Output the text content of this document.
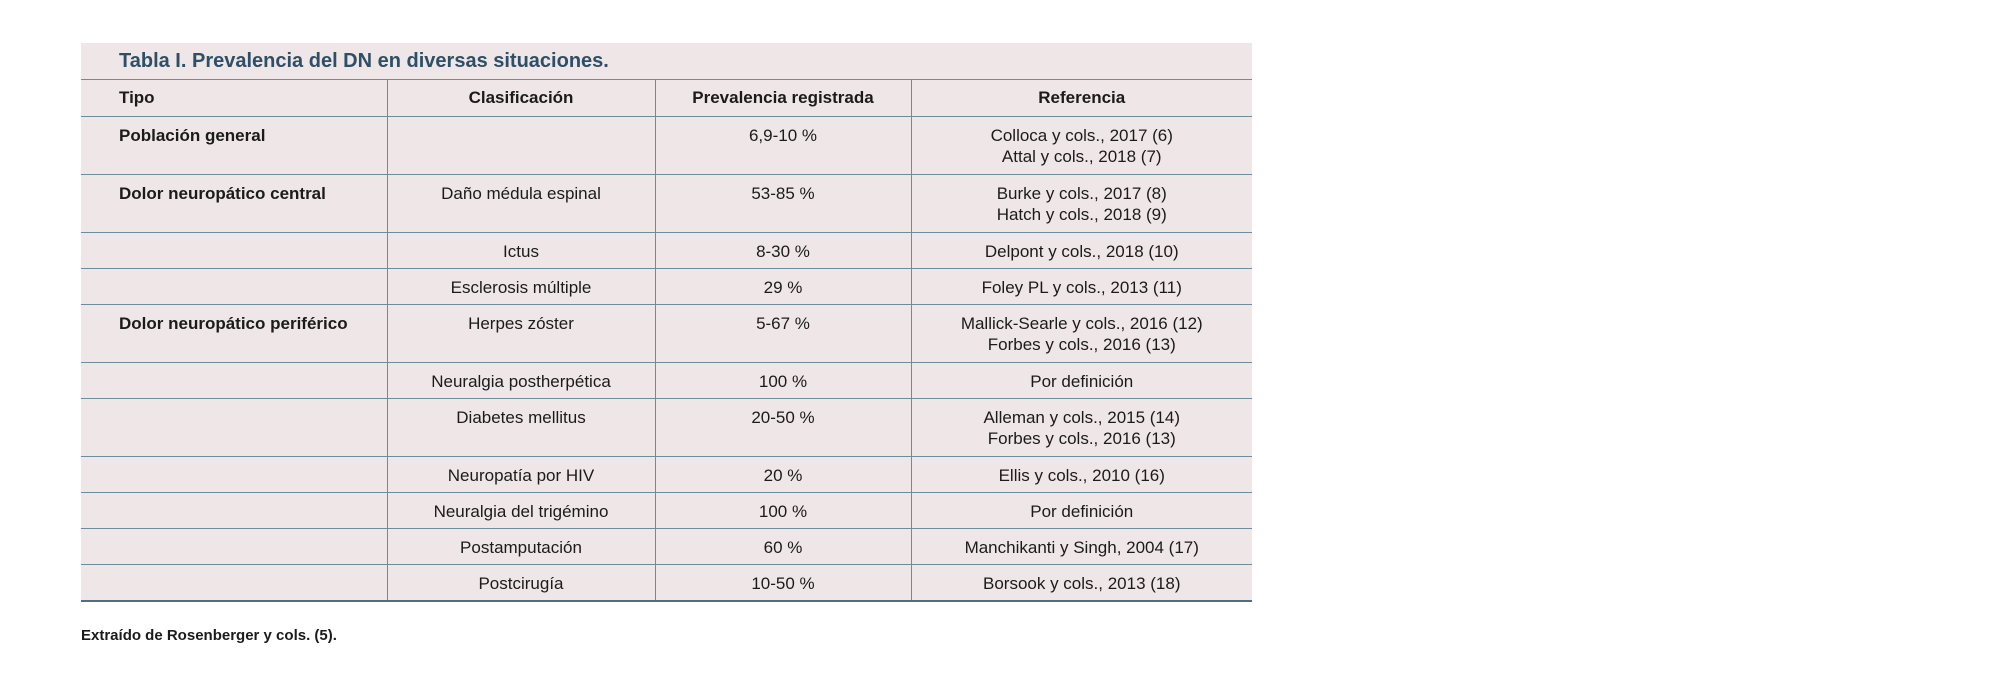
Tabla I. Prevalencia del DN en diversas situaciones.
Tipo	Clasificación	Prevalencia registrada	Referencia
Población general		6,9-10 %	Colloca y cols., 2017 (6)
Attal y cols., 2018 (7)

Dolor neuropático central	Daño médula espinal	53-85 %	Burke y cols., 2017 (8)
Hatch y cols., 2018 (9)

	Ictus	8-30 %	Delpont y cols., 2018 (10)

	Esclerosis múltiple	29 %	Foley PL y cols., 2013 (11)

Dolor neuropático periférico	Herpes zóster	5-67 %	Mallick-Searle y cols., 2016 (12)
Forbes y cols., 2016 (13)

	Neuralgia postherpética	100 %	Por definición

	Diabetes mellitus	20-50 %	Alleman y cols., 2015 (14)
Forbes y cols., 2016 (13)

	Neuropatía por HIV	20 %	Ellis y cols., 2010 (16)

	Neuralgia del trigémino	100 %	Por definición

	Postamputación	60 %	Manchikanti y Singh, 2004 (17)

	Postcirugía	10-50 %	Borsook y cols., 2013 (18)
Extraído de Rosenberger y cols. (5).
